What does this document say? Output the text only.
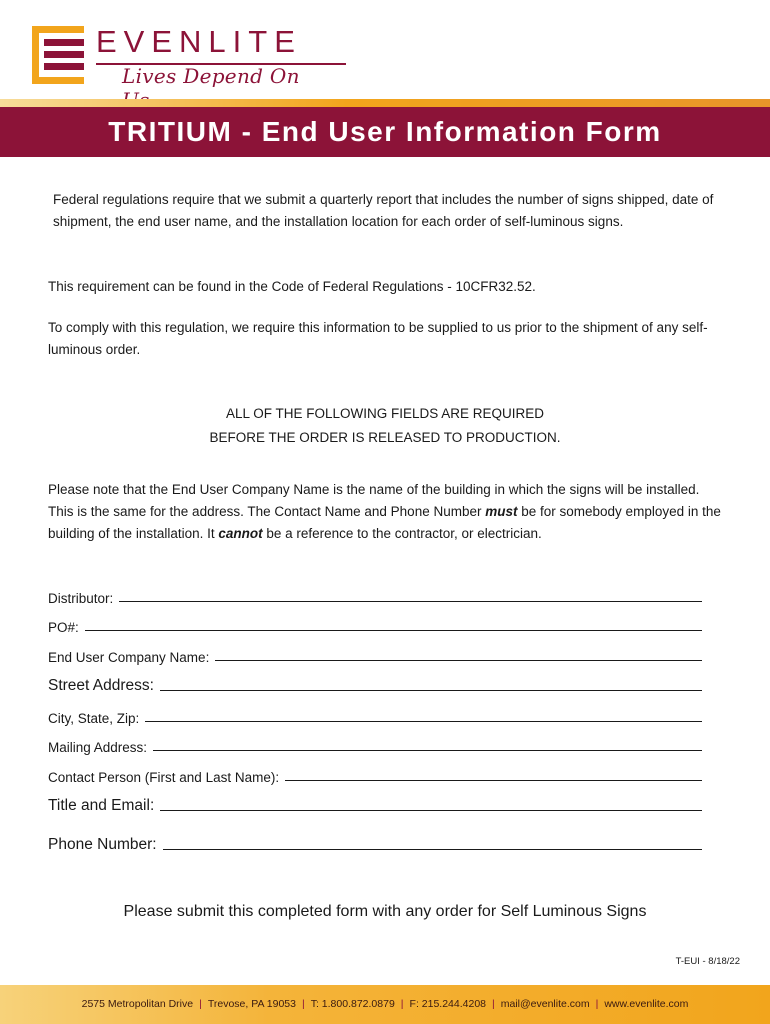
EVENLITE
Lives Depend On
TRITIUM - End User Information Form

Federal regulations require that we submit a quarterly report that includes the number of signs shipped, date of shipment, the end user name, and the installation location for each order of self-luminous signs.

This requirement can be found in the Code of Federal Regulations - 10CFR32.52.

To comply with this regulation, we require this information to be supplied to us prior to the shipment of any self-luminous order.

ALL OF THE FOLLOWING FIELDS ARE REQUIRED
BEFORE THE ORDER IS RELEASED TO PRODUCTION.

Please note that the End User Company Name is the name of the building in which the signs will be installed. This is the same for the address. The Contact Name and Phone Number must be for somebody employed in the building of the installation. It cannot be a reference to the contractor, or electrician.

Distributor:
PO#:
End User Company Name:
Street Address:
City, State, Zip:
Mailing Address:
Contact Person (First and Last Name):
Title and Email:
Phone Number:
Please submit this completed form with any order for Self Luminous Signs
T-EUI - 8/18/22
2575 Metropolitan Drive | Trevose, PA 19053 | T: 1.800.872.0879 | F: 215.244.4208 | mail@evenlite.com | www.evenlite.com
